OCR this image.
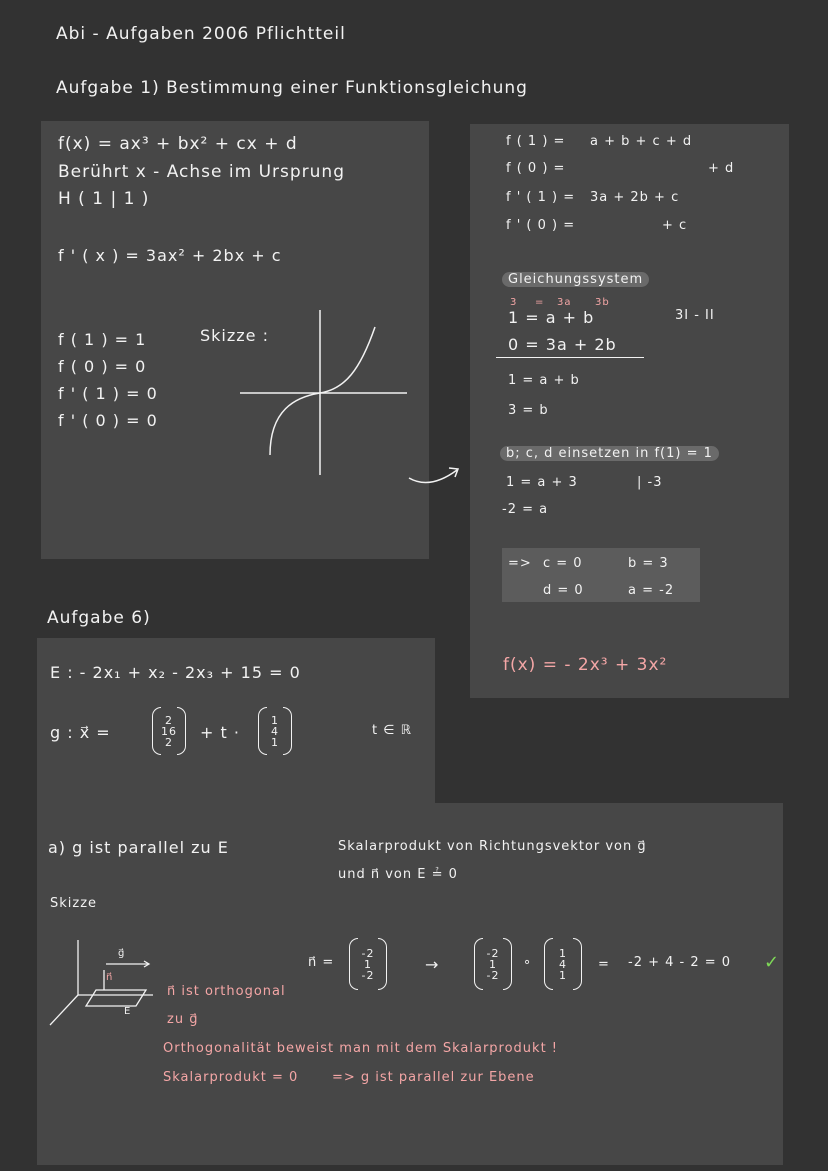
Abi - Aufgaben 2006 Pflichtteil
Aufgabe 1) Bestimmung einer Funktionsgleichung
f(x) = ax³ + bx² + cx + d
Berührt x - Achse im Ursprung
H ( 1 | 1 )
f ' ( x ) = 3ax² + 2bx + c
f ( 1 ) = 1
f ( 0 ) = 0
f ' ( 1 ) = 0
f ' ( 0 ) = 0
Skizze :
f ( 1 ) = a + b + c + d
f ( 0 ) =	+ d
f ' ( 1 ) = 3a + 2b + c
f ' ( 0 ) =	+ c
Gleichungssystem
3 = 3a 3b
1 = a + b	3I - II
0 = 3a + 2b
1 = a + b
3 = b
b; c, d einsetzen in f(1) = 1
1 = a + 3	| -3
-2 = a
=> c = 0	b = 3
d = 0	a = -2
f(x) = - 2x³ + 3x²
Aufgabe 6)
E : - 2x₁ + x₂ - 2x₃ + 15 = 0
g : x⃗ =
2
16
2 + t ·
1
4
1
t ∈ ℝ
a) g ist parallel zu E	Skalarprodukt von Richtungsvektor von g⃗
und n⃗ von E ≟ 0
Skizze
g⃗
n⃗
E
n⃗ =
-2
1
-2
→
-2
1
-2
∘
1
4
1
= -2 + 4 - 2 = 0 ✓
n⃗ ist orthogonal
zu g⃗
Orthogonalität beweist man mit dem Skalarprodukt !
Skalarprodukt = 0	=> g ist parallel zur Ebene
